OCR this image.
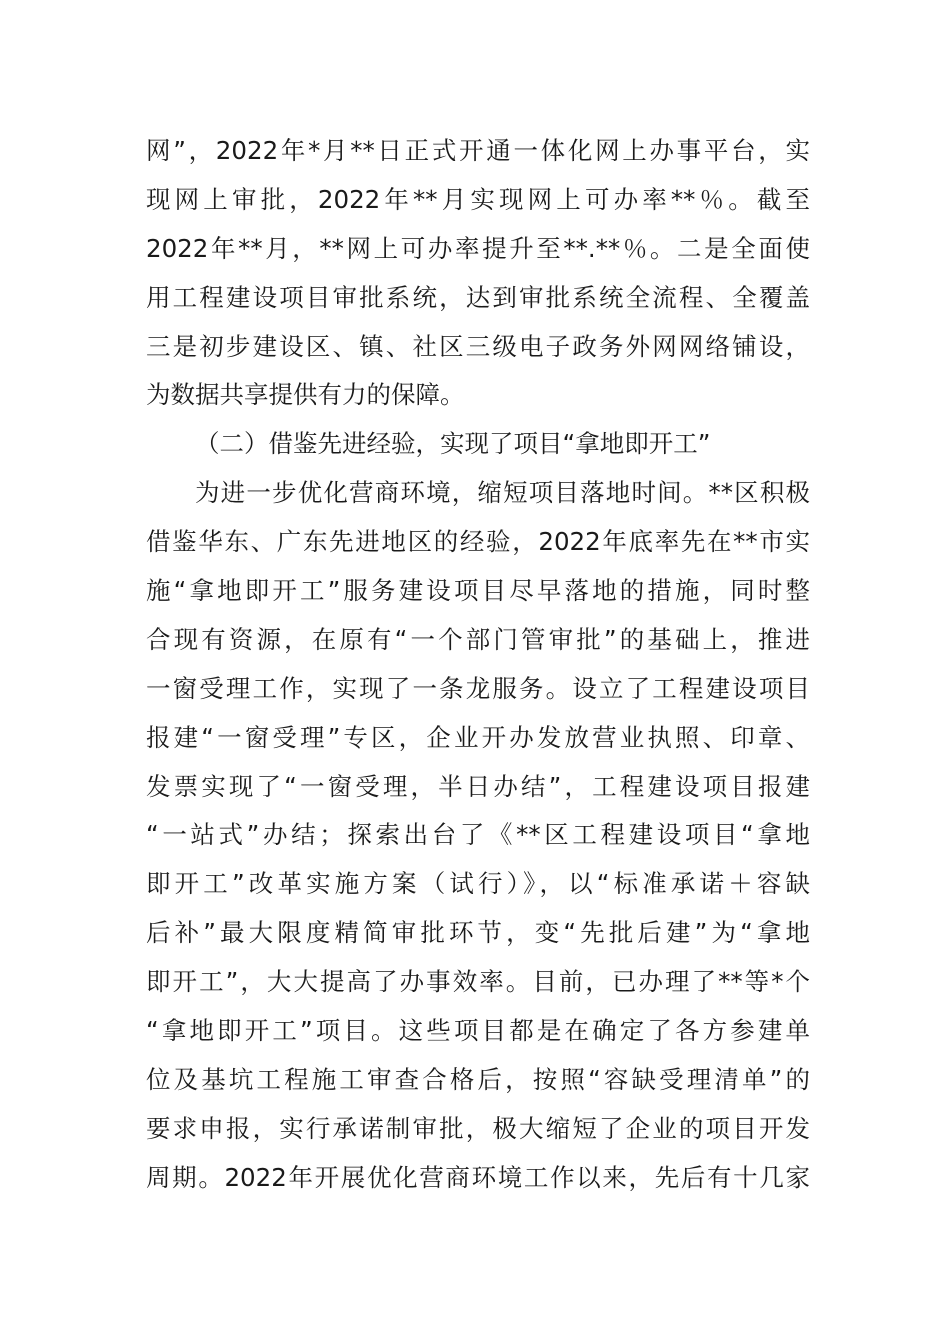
网”，2022年*月**日正式开通一体化网上办事平台，实
现网上审批，2022年**月实现网上可办率**％。截至
2022年**月，**网上可办率提升至**.**％。二是全面使
用工程建设项目审批系统，达到审批系统全流程、全覆盖
三是初步建设区、镇、社区三级电子政务外网网络铺设，
为数据共享提供有力的保障。
（二）借鉴先进经验，实现了项目“拿地即开工”
为进一步优化营商环境，缩短项目落地时间。**区积极
借鉴华东、广东先进地区的经验，2022年底率先在**市实
施“拿地即开工”服务建设项目尽早落地的措施，同时整
合现有资源，在原有“一个部门管审批”的基础上，推进
一窗受理工作，实现了一条龙服务。设立了工程建设项目
报建“一窗受理”专区，企业开办发放营业执照、印章、
发票实现了“一窗受理，半日办结”，工程建设项目报建
“一站式”办结；探索出台了《**区工程建设项目“拿地
即开工”改革实施方案（试行）》，以“标准承诺＋容缺
后补”最大限度精简审批环节，变“先批后建”为“拿地
即开工”，大大提高了办事效率。目前，已办理了**等*个
“拿地即开工”项目。这些项目都是在确定了各方参建单
位及基坑工程施工审查合格后，按照“容缺受理清单”的
要求申报，实行承诺制审批，极大缩短了企业的项目开发
周期。2022年开展优化营商环境工作以来，先后有十几家
